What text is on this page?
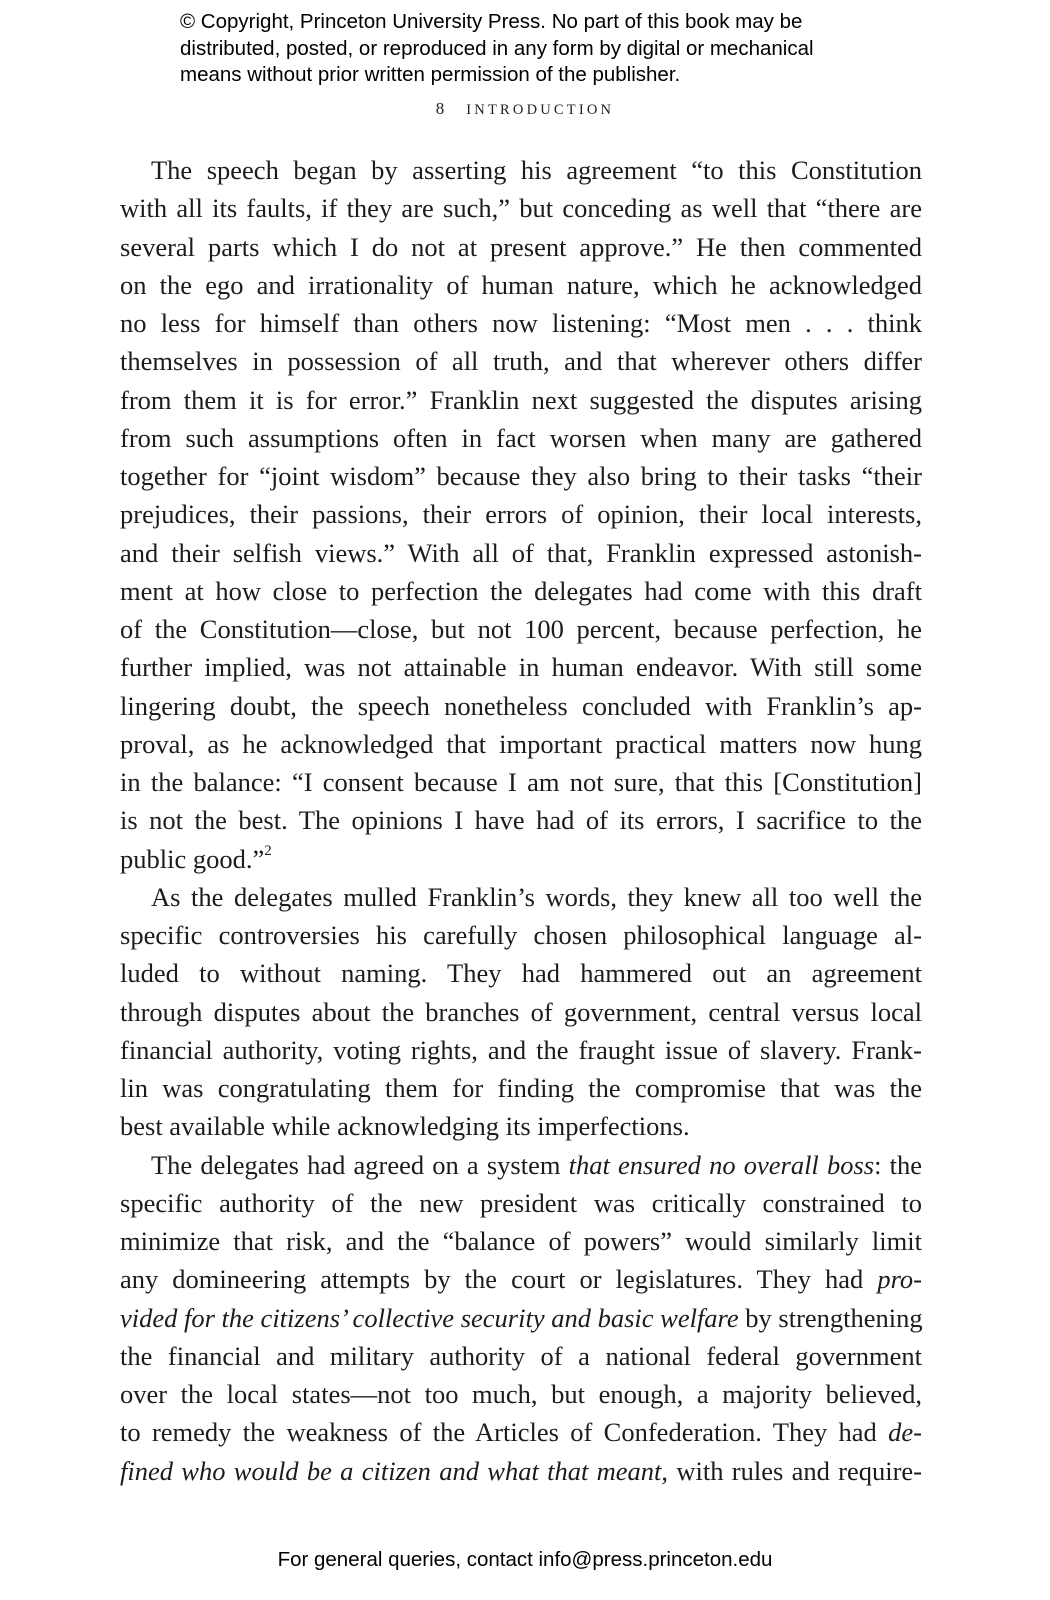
© Copyright, Princeton University Press. No part of this book may be
distributed, posted, or reproduced in any form by digital or mechanical
means without prior written permission of the publisher.
8 INTRODUCTION
The speech began by asserting his agreement “to this Constitution
with all its faults, if they are such,” but conceding as well that “there are
several parts which I do not at present approve.” He then commented
on the ego and irrationality of human nature, which he acknowledged
no less for himself than others now listening: “Most men . . . think
themselves in possession of all truth, and that wherever others differ
from them it is for error.” Franklin next suggested the disputes arising
from such assumptions often in fact worsen when many are gathered
together for “joint wisdom” because they also bring to their tasks “their
prejudices, their passions, their errors of opinion, their local interests,
and their selfish views.” With all of that, Franklin expressed astonish-
ment at how close to perfection the delegates had come with this draft
of the Constitution—close, but not 100 percent, because perfection, he
further implied, was not attainable in human endeavor. With still some
lingering doubt, the speech nonetheless concluded with Franklin’s ap-
proval, as he acknowledged that important practical matters now hung
in the balance: “I consent because I am not sure, that this [Constitution]
is not the best. The opinions I have had of its errors, I sacrifice to the
public good.”$^2$
As the delegates mulled Franklin’s words, they knew all too well the
specific controversies his carefully chosen philosophical language al-
luded to without naming. They had hammered out an agreement
through disputes about the branches of government, central versus local
financial authority, voting rights, and the fraught issue of slavery. Frank-
lin was congratulating them for finding the compromise that was the
best available while acknowledging its imperfections.
The delegates had agreed on a system that ensured no overall boss: the
specific authority of the new president was critically constrained to
minimize that risk, and the “balance of powers” would similarly limit
any domineering attempts by the court or legislatures. They had pro-
vided for the citizens’ collective security and basic welfare by strengthening
the financial and military authority of a national federal government
over the local states—not too much, but enough, a majority believed,
to remedy the weakness of the Articles of Confederation. They had de-
fined who would be a citizen and what that meant, with rules and require-
For general queries, contact info@press.princeton.edu
